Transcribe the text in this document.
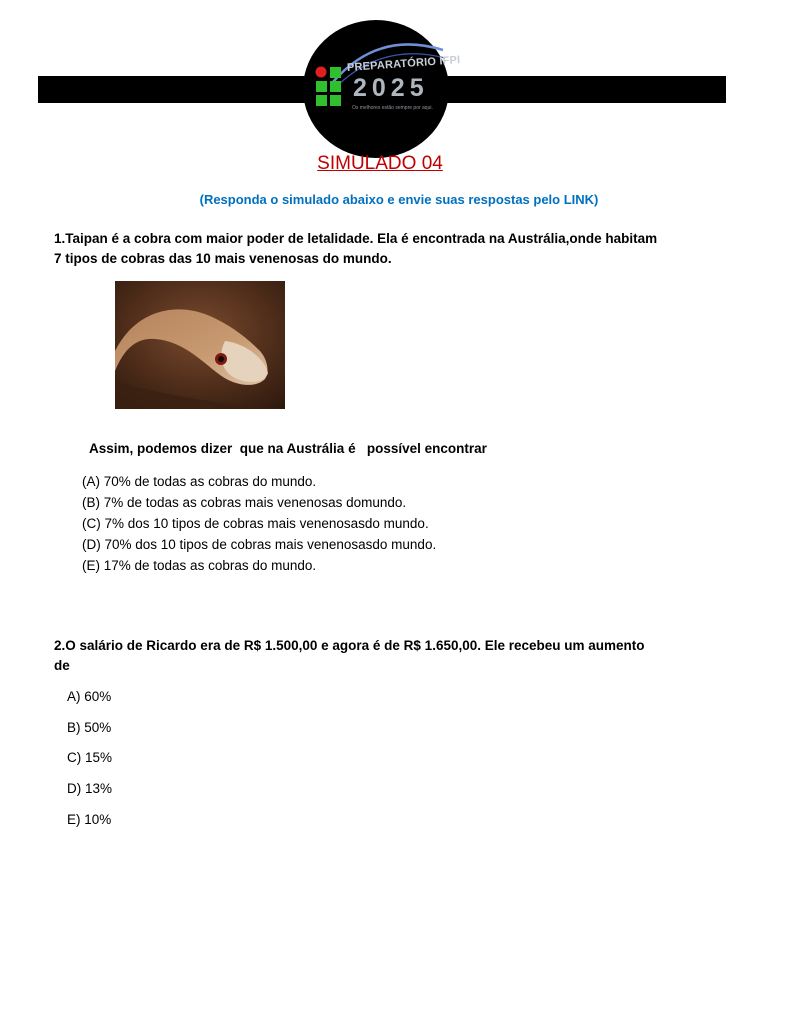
PREPARATÓRIO IFPI
2025
Os melhores estão sempre por aqui.
SIMULADO 04
(Responda o simulado abaixo e envie suas respostas pelo LINK)
1.Taipan é a cobra com maior poder de letalidade. Ela é encontrada na Austrália,onde habitam
7 tipos de cobras das 10 mais venenosas do mundo.
Assim, podemos dizer  que na Austrália é   possível encontrar
(A) 70% de todas as cobras do mundo.
(B) 7% de todas as cobras mais venenosas domundo.
(C) 7% dos 10 tipos de cobras mais venenosasdo mundo.
(D) 70% dos 10 tipos de cobras mais venenosasdo mundo.
(E) 17% de todas as cobras do mundo.
2.O salário de Ricardo era de R$ 1.500,00 e agora é de R$ 1.650,00. Ele recebeu um aumento
de
A) 60%
B) 50%
C) 15%
D) 13%
E) 10%
